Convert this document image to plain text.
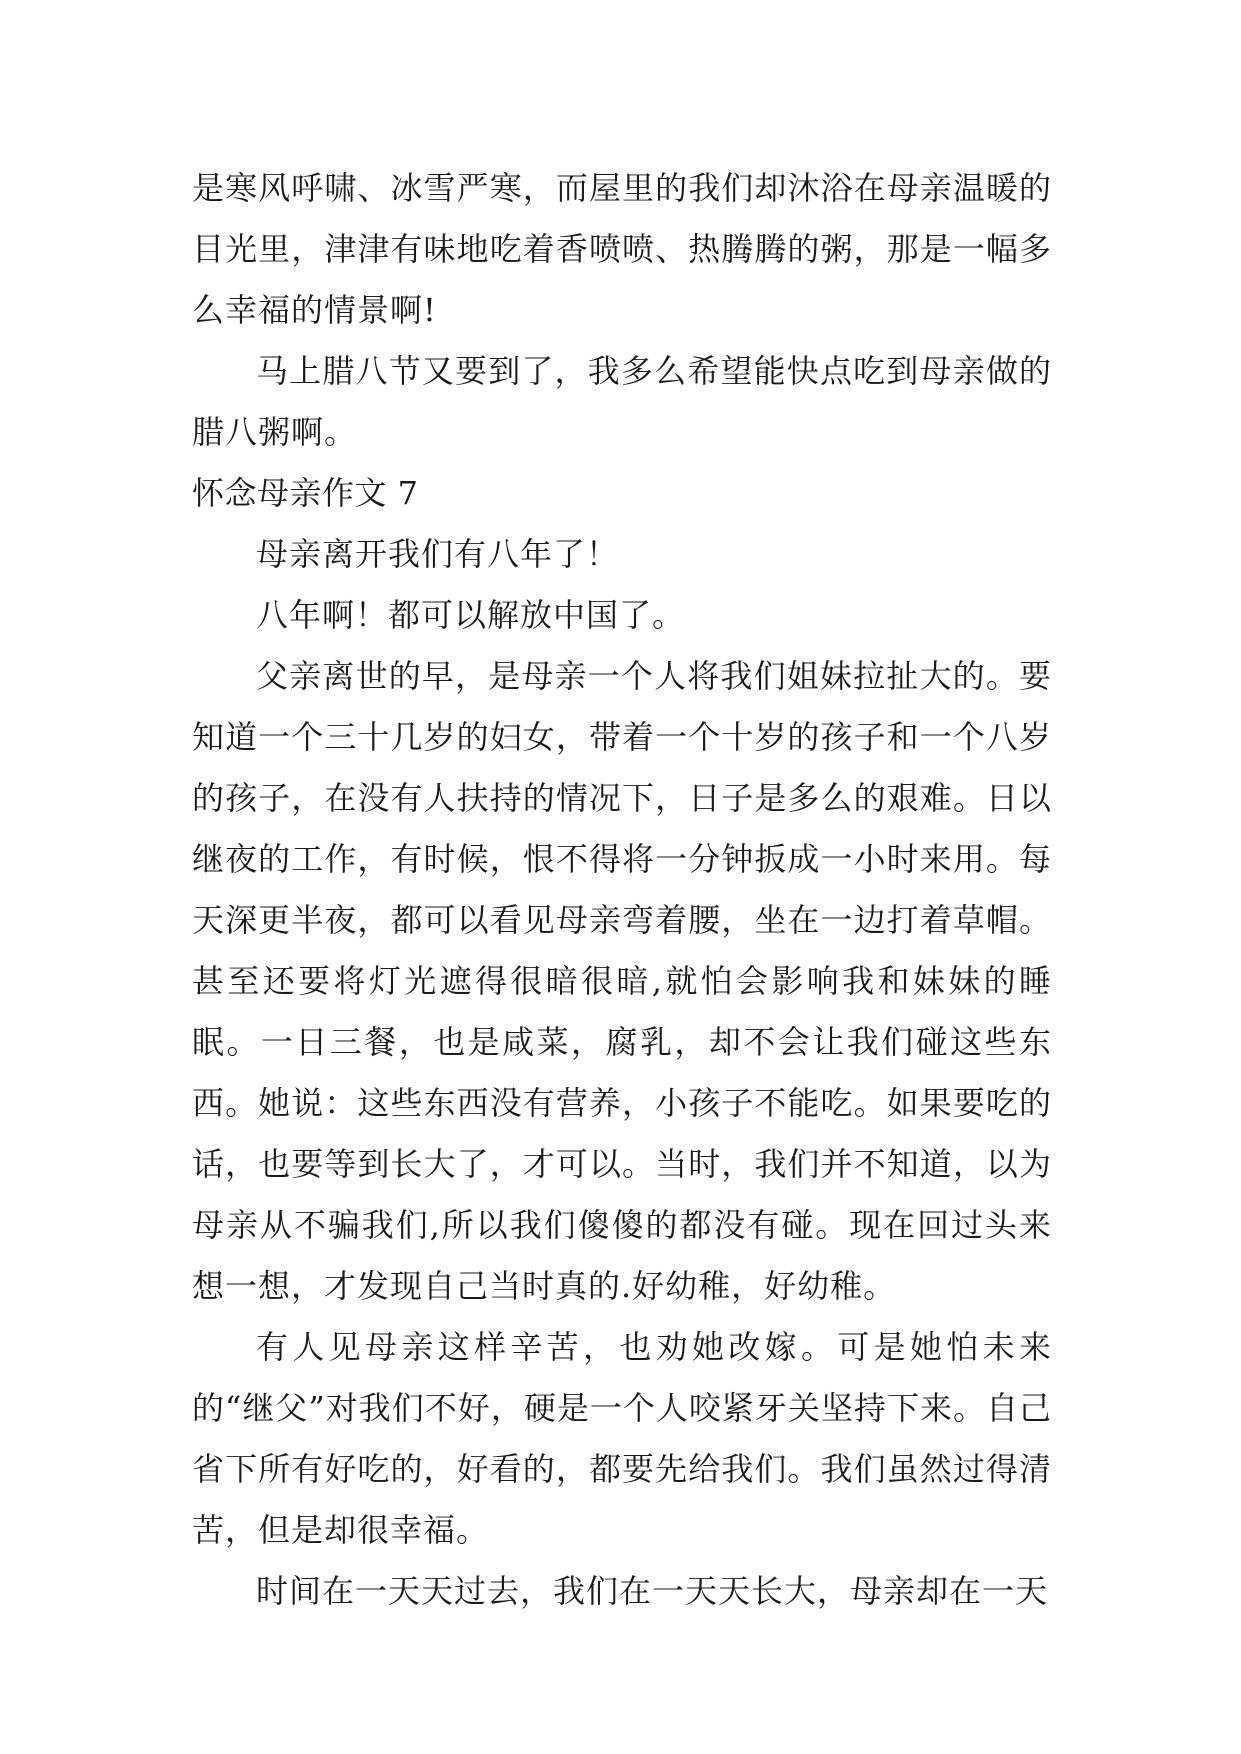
是寒风呼啸、冰雪严寒，而屋里的我们却沐浴在母亲温暖的目光里，津津有味地吃着香喷喷、热腾腾的粥，那是一幅多么幸福的情景啊!

马上腊八节又要到了，我多么希望能快点吃到母亲做的腊八粥啊。

怀念母亲作文 7

母亲离开我们有八年了！

八年啊！都可以解放中国了。

父亲离世的早，是母亲一个人将我们姐妹拉扯大的。要知道一个三十几岁的妇女，带着一个十岁的孩子和一个八岁的孩子，在没有人扶持的情况下，日子是多么的艰难。日以继夜的工作，有时候，恨不得将一分钟扳成一小时来用。每天深更半夜，都可以看见母亲弯着腰，坐在一边打着草帽。甚至还要将灯光遮得很暗很暗,就怕会影响我和妹妹的睡眠。一日三餐，也是咸菜，腐乳，却不会让我们碰这些东西。她说：这些东西没有营养，小孩子不能吃。如果要吃的话，也要等到长大了，才可以。当时，我们并不知道，以为母亲从不骗我们,所以我们傻傻的都没有碰。现在回过头来想一想，才发现自己当时真的.好幼稚，好幼稚。

有人见母亲这样辛苦，也劝她改嫁。可是她怕未来的“继父”对我们不好，硬是一个人咬紧牙关坚持下来。自己省下所有好吃的，好看的，都要先给我们。我们虽然过得清苦，但是却很幸福。

时间在一天天过去，我们在一天天长大，母亲却在一天
